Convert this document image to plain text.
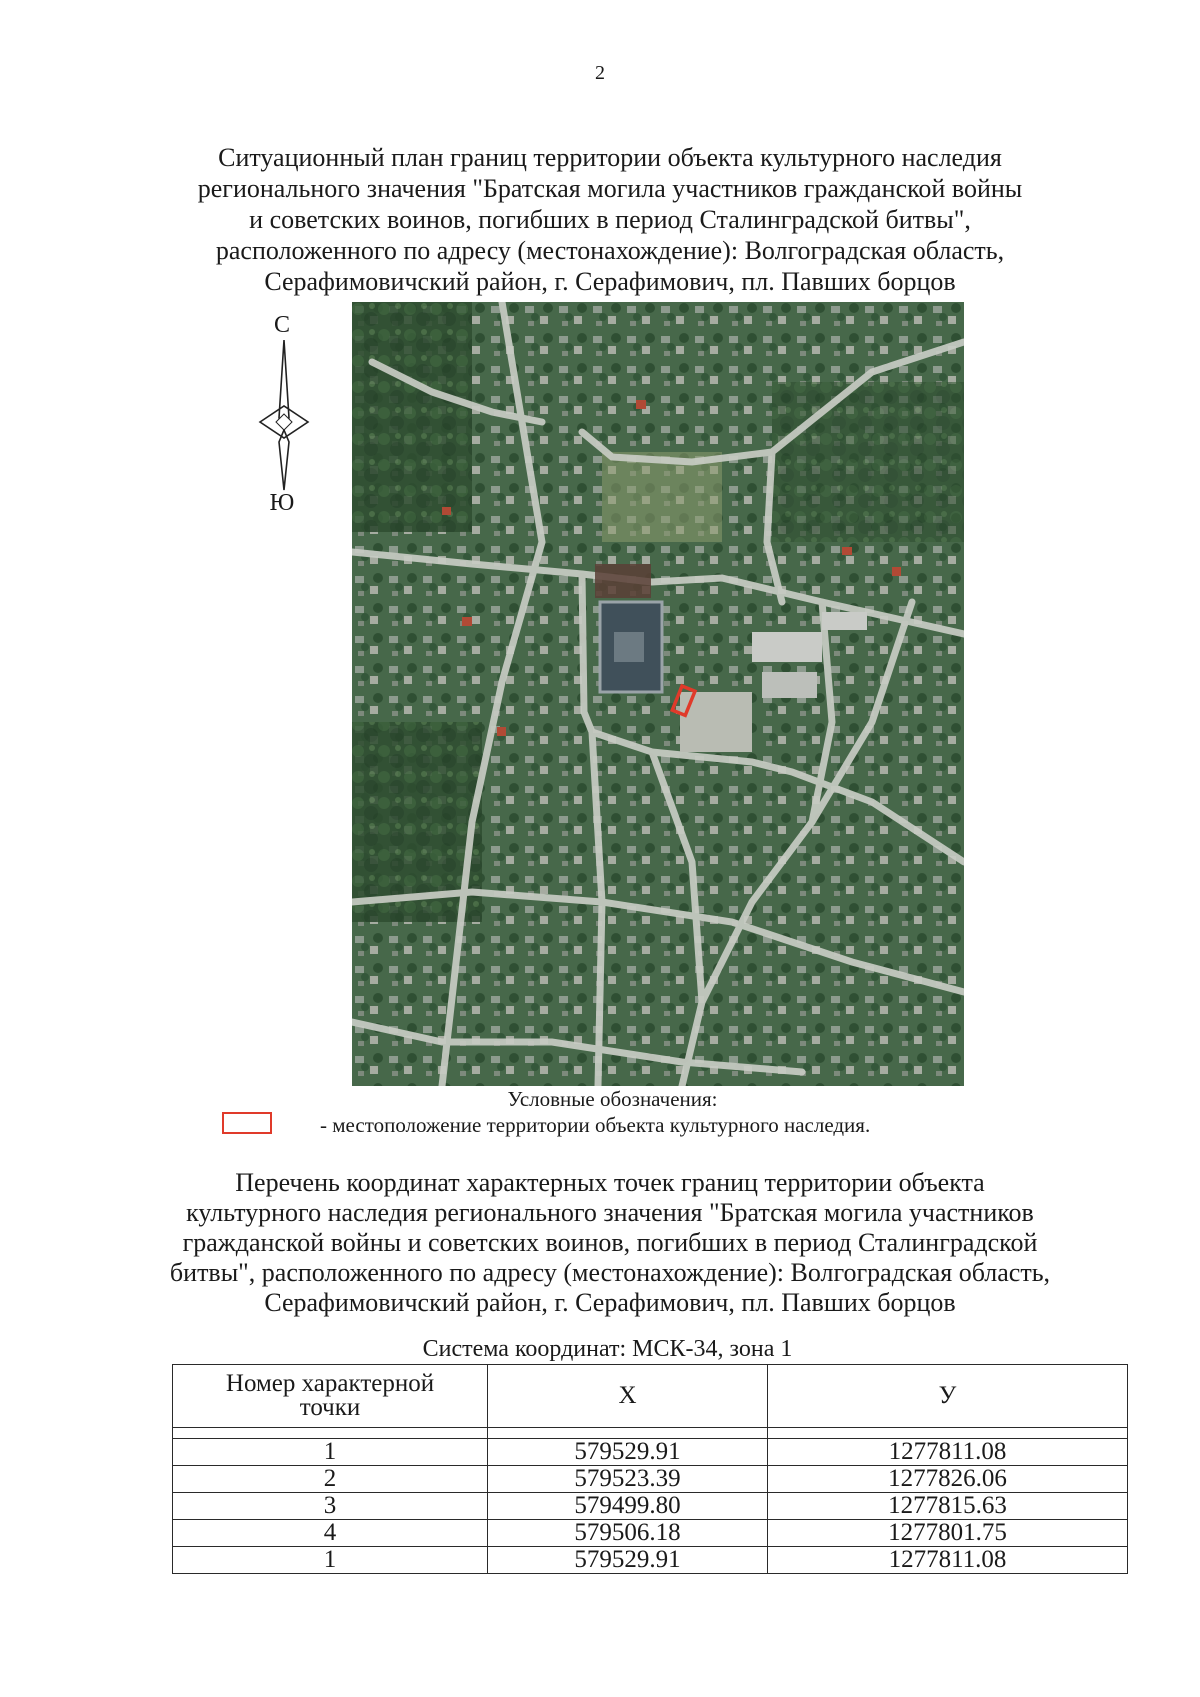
2
Ситуационный план границ территории объекта культурного наследия
регионального значения "Братская могила участников гражданской войны
и советских воинов, погибших в период Сталинградской битвы",
расположенного по адресу (местонахождение): Волгоградская область,
Серафимовичский район, г. Серафимович, пл. Павших борцов
С
Ю
Условные обозначения:
- местоположение территории объекта культурного наследия.
Перечень координат характерных точек границ территории объекта
культурного наследия регионального значения "Братская могила участников
гражданской войны и советских воинов, погибших в период Сталинградской
битвы", расположенного по адресу (местонахождение): Волгоградская область,
Серафимовичский район, г. Серафимович, пл. Павших борцов
Система координат: МСК-34, зона 1
Номер характерной
точки	X	У

1	579529.91	1277811.08
2	579523.39	1277826.06
3	579499.80	1277815.63
4	579506.18	1277801.75
1	579529.91	1277811.08
